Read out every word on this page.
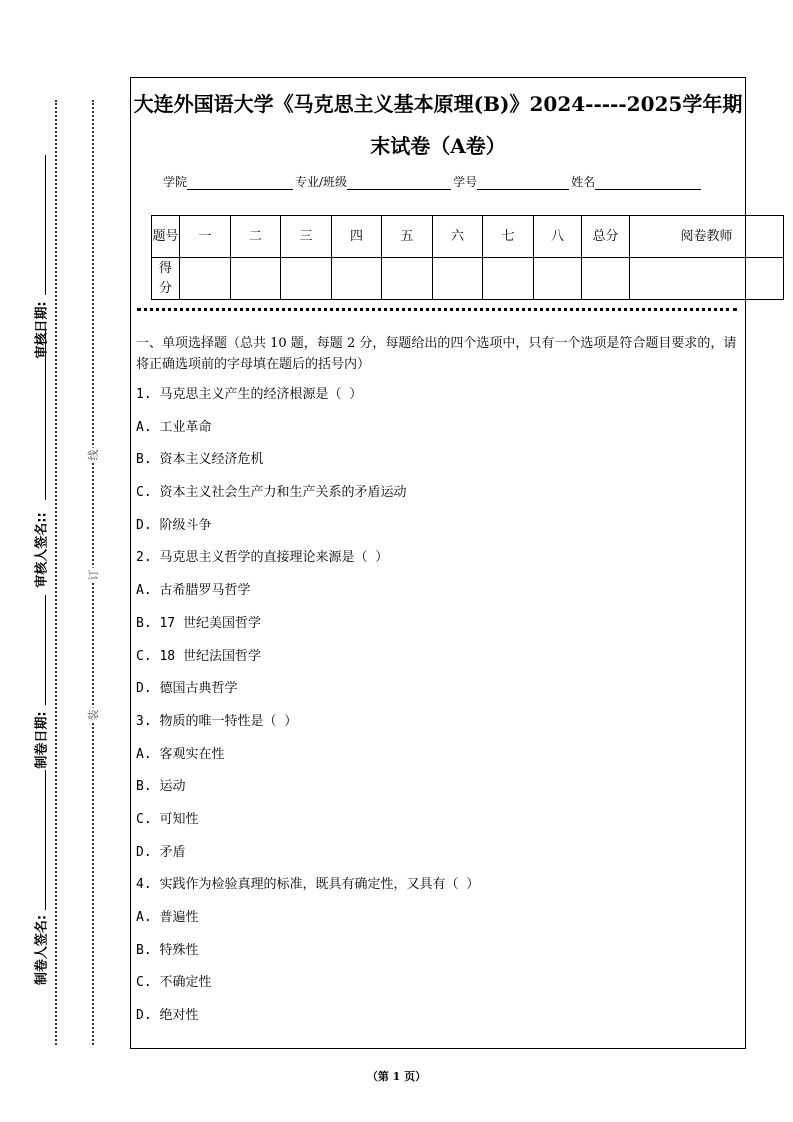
审核日期:
审核人签名::
制卷日期:
制卷人签名:
线
订
装
大连外国语大学《马克思主义基本原理(B)》2024-----2025学年期
末试卷（A卷）
学院	专业/班级	学号	姓名
题号	一	二	三	四	五	六	七	八	总分	阅卷教师
得分										
一、单项选择题（总共 10 题，每题 2 分，每题给出的四个选项中，只有一个选项是符合题目要求的，请将正确选项前的字母填在题后的括号内）
1. 马克思主义产生的经济根源是（ ）
A. 工业革命
B. 资本主义经济危机
C. 资本主义社会生产力和生产关系的矛盾运动
D. 阶级斗争
2. 马克思主义哲学的直接理论来源是（ ）
A. 古希腊罗马哲学
B. 17 世纪美国哲学
C. 18 世纪法国哲学
D. 德国古典哲学
3. 物质的唯一特性是（ ）
A. 客观实在性
B. 运动
C. 可知性
D. 矛盾
4. 实践作为检验真理的标准，既具有确定性，又具有（ ）
A. 普遍性
B. 特殊性
C. 不确定性
D. 绝对性
（第 1 页）
